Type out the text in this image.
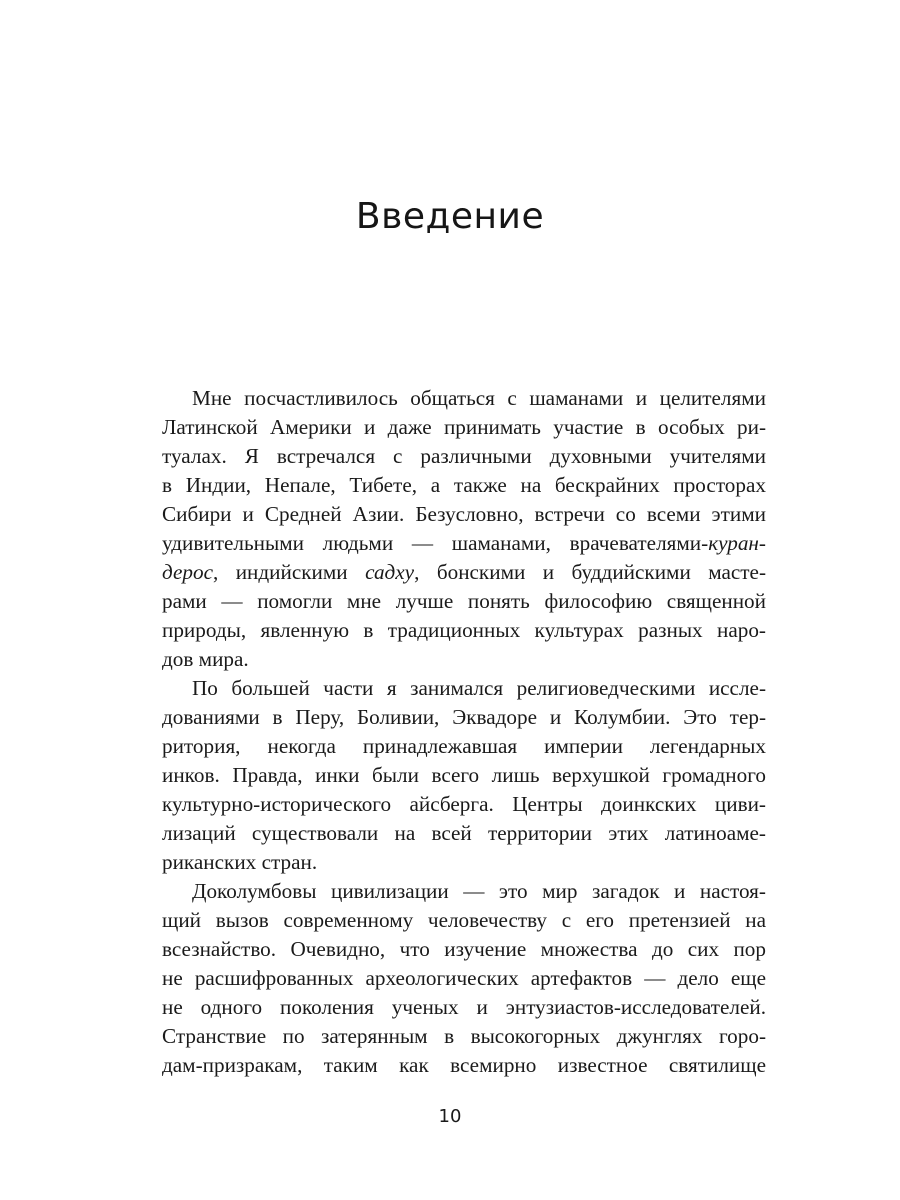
Введение
Мне посчастливилось общаться с шаманами и целителями
Латинской Америки и даже принимать участие в особых ри-
туалах. Я встречался с различными духовными учителями
в Индии, Непале, Тибете, а также на бескрайних просторах
Сибири и Средней Азии. Безусловно, встречи со всеми этими
удивительными людьми — шаманами, врачевателями-куран-
дерос, индийскими садху, бонскими и буддийскими масте-
рами — помогли мне лучше понять философию священной
природы, явленную в традиционных культурах разных наро-
дов мира.
По большей части я занимался религиоведческими иссле-
дованиями в Перу, Боливии, Эквадоре и Колумбии. Это тер-
ритория, некогда принадлежавшая империи легендарных
инков. Правда, инки были всего лишь верхушкой громадного
культурно-исторического айсберга. Центры доинкских циви-
лизаций существовали на всей территории этих латиноаме-
риканских стран.
Доколумбовы цивилизации — это мир загадок и настоя-
щий вызов современному человечеству с его претензией на
всезнайство. Очевидно, что изучение множества до сих пор
не расшифрованных археологических артефактов — дело еще
не одного поколения ученых и энтузиастов-исследователей.
Странствие по затерянным в высокогорных джунглях горо-
дам-призракам, таким как всемирно известное святилище
10
